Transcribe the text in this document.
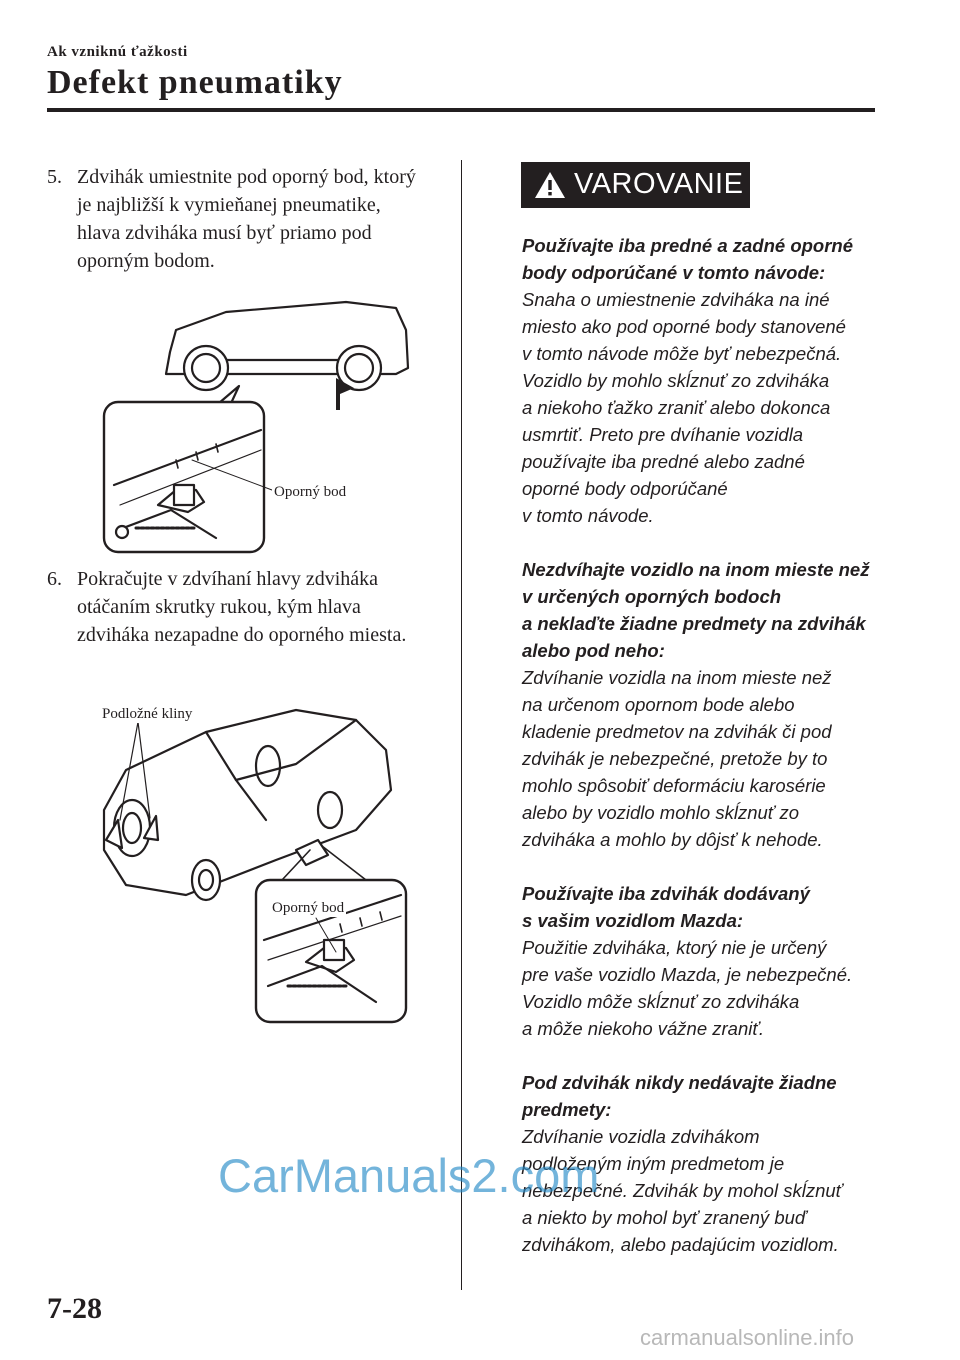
Ak vzniknú ťažkosti
Defekt pneumatiky
5. Zdvihák umiestnite pod oporný bod, ktorý je najbližší k vymieňanej pneumatike, hlava zdviháka musí byť priamo pod oporným bodom.
Oporný bod
6. Pokračujte v zdvíhaní hlavy zdviháka otáčaním skrutky rukou, kým hlava zdviháka nezapadne do oporného miesta.
Podložné kliny
Oporný bod
VAROVANIE

Používajte iba predné a zadné oporné
body odporúčané v tomto návode:
Snaha o umiestnenie zdviháka na iné
miesto ako pod oporné body stanovené
v tomto návode môže byť nebezpečná.
Vozidlo by mohlo skĺznuť zo zdviháka
a niekoho ťažko zraniť alebo dokonca
usmrtiť. Preto pre dvíhanie vozidla
používajte iba predné alebo zadné
oporné body odporúčané
v tomto návode.

Nezdvíhajte vozidlo na inom mieste než
v určených oporných bodoch
a neklaďte žiadne predmety na zdvihák
alebo pod neho:
Zdvíhanie vozidla na inom mieste než
na určenom opornom bode alebo
kladenie predmetov na zdvihák či pod
zdvihák je nebezpečné, pretože by to
mohlo spôsobiť deformáciu karosérie
alebo by vozidlo mohlo skĺznuť zo
zdviháka a mohlo by dôjsť k nehode.

Používajte iba zdvihák dodávaný
s vašim vozidlom Mazda:
Použitie zdviháka, ktorý nie je určený
pre vaše vozidlo Mazda, je nebezpečné.
Vozidlo môže skĺznuť zo zdviháka
a môže niekoho vážne zraniť.

Pod zdvihák nikdy nedávajte žiadne
predmety:
Zdvíhanie vozidla zdvihákom
podloženým iným predmetom je
nebezpečné. Zdvihák by mohol skĺznuť
a niekto by mohol byť zranený buď
zdvihákom, alebo padajúcim vozidlom.

CarManuals2.com
7-28
carmanualsonline.info
